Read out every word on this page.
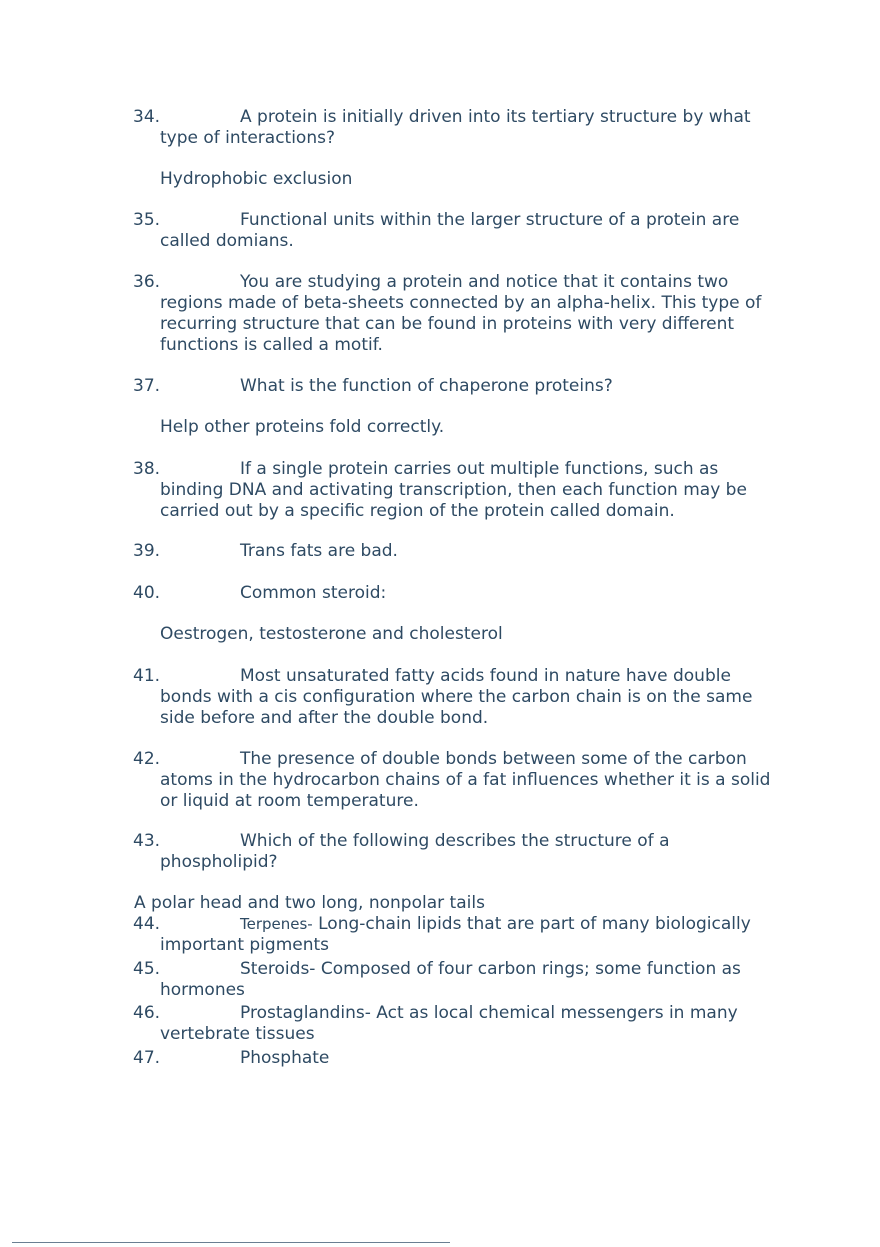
34.	A protein is initially driven into its tertiary structure by what type of interactions?

Hydrophobic exclusion
35.	Functional units within the larger structure of a protein are called domians.

36.	You are studying a protein and notice that it contains two regions made of beta-sheets connected by an alpha-helix. This type of recurring structure that can be found in proteins with very different functions is called a motif.

37.	What is the function of chaperone proteins?

Help other proteins fold correctly.
38.	If a single protein carries out multiple functions, such as binding DNA and activating transcription, then each function may be carried out by a specific region of the protein called domain.

39.	Trans fats are bad.

40.	Common steroid:

Oestrogen, testosterone and cholesterol
41.	Most unsaturated fatty acids found in nature have double bonds with a cis configuration where the carbon chain is on the same side before and after the double bond.

42.	The presence of double bonds between some of the carbon atoms in the hydrocarbon chains of a fat influences whether it is a solid or liquid at room temperature.

43.	Which of the following describes the structure of a phospholipid?

A polar head and two long, nonpolar tails
44.	Terpenes- Long-chain lipids that are part of many biologically important pigments

45.	Steroids- Composed of four carbon rings; some function as hormones

46.	Prostaglandins- Act as local chemical messengers in many vertebrate tissues

47.	Phosphate
